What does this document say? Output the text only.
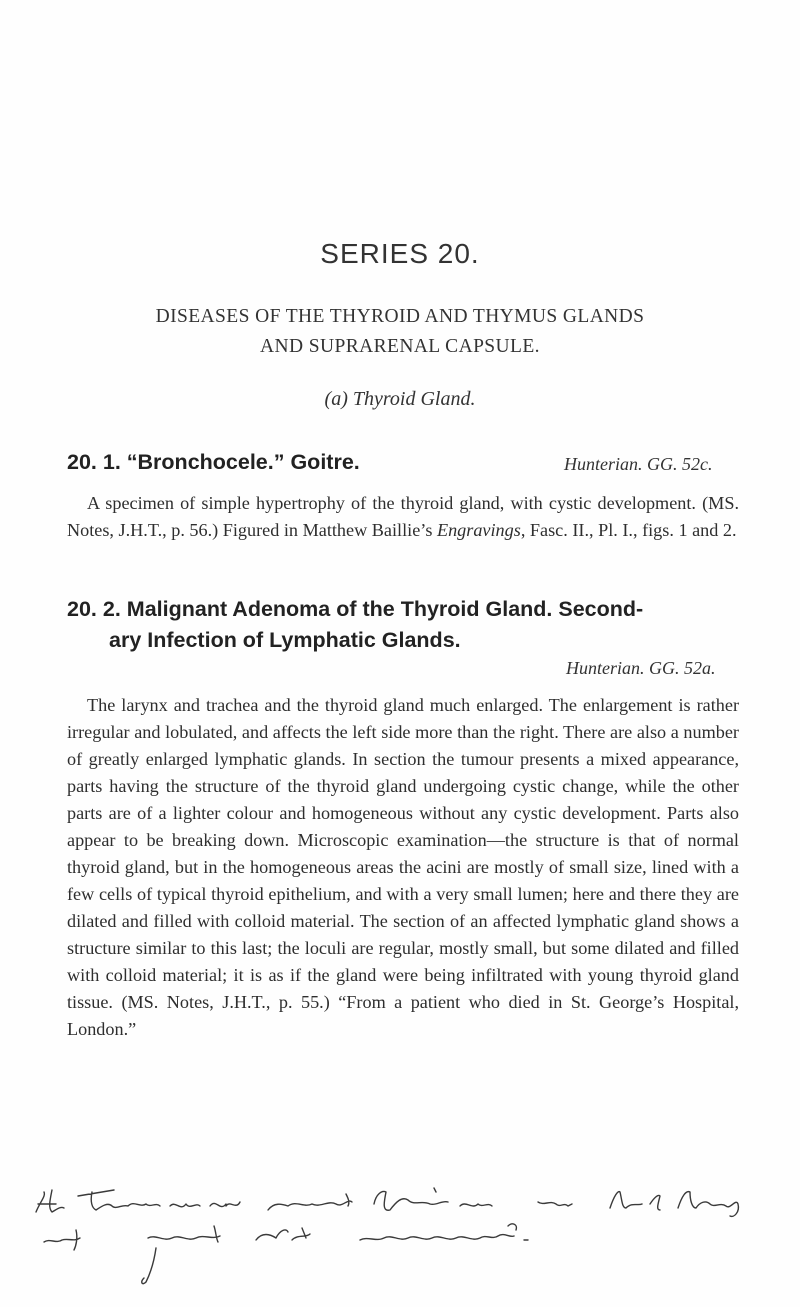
SERIES 20.
DISEASES OF THE THYROID AND THYMUS GLANDS
AND SUPRARENAL CAPSULE.
(a) Thyroid Gland.
20. 1. “Bronchocele.” Goitre.	Hunterian. GG. 52c.

A specimen of simple hypertrophy of the thyroid gland, with cystic development. (MS. Notes, J.H.T., p. 56.) Figured in Matthew Baillie’s Engravings, Fasc. II., Pl. I., figs. 1 and 2.

20. 2. Malignant Adenoma of the Thyroid Gland. Second-
ary Infection of Lymphatic Glands.
Hunterian. GG. 52a.

The larynx and trachea and the thyroid gland much enlarged. The enlargement is rather irregular and lobulated, and affects the left side more than the right. There are also a number of greatly enlarged lymphatic glands. In section the tumour presents a mixed appearance, parts having the structure of the thyroid gland undergoing cystic change, while the other parts are of a lighter colour and homogeneous without any cystic development. Parts also appear to be breaking down. Microscopic examination—the structure is that of normal thyroid gland, but in the homogeneous areas the acini are mostly of small size, lined with a few cells of typical thyroid epithelium, and with a very small lumen; here and there they are dilated and filled with colloid material. The section of an affected lymphatic gland shows a structure similar to this last; the loculi are regular, mostly small, but some dilated and filled with colloid material; it is as if the gland were being infiltrated with young thyroid gland tissue. (MS. Notes, J.H.T., p. 55.) “From a patient who died in St. George’s Hospital, London.”
